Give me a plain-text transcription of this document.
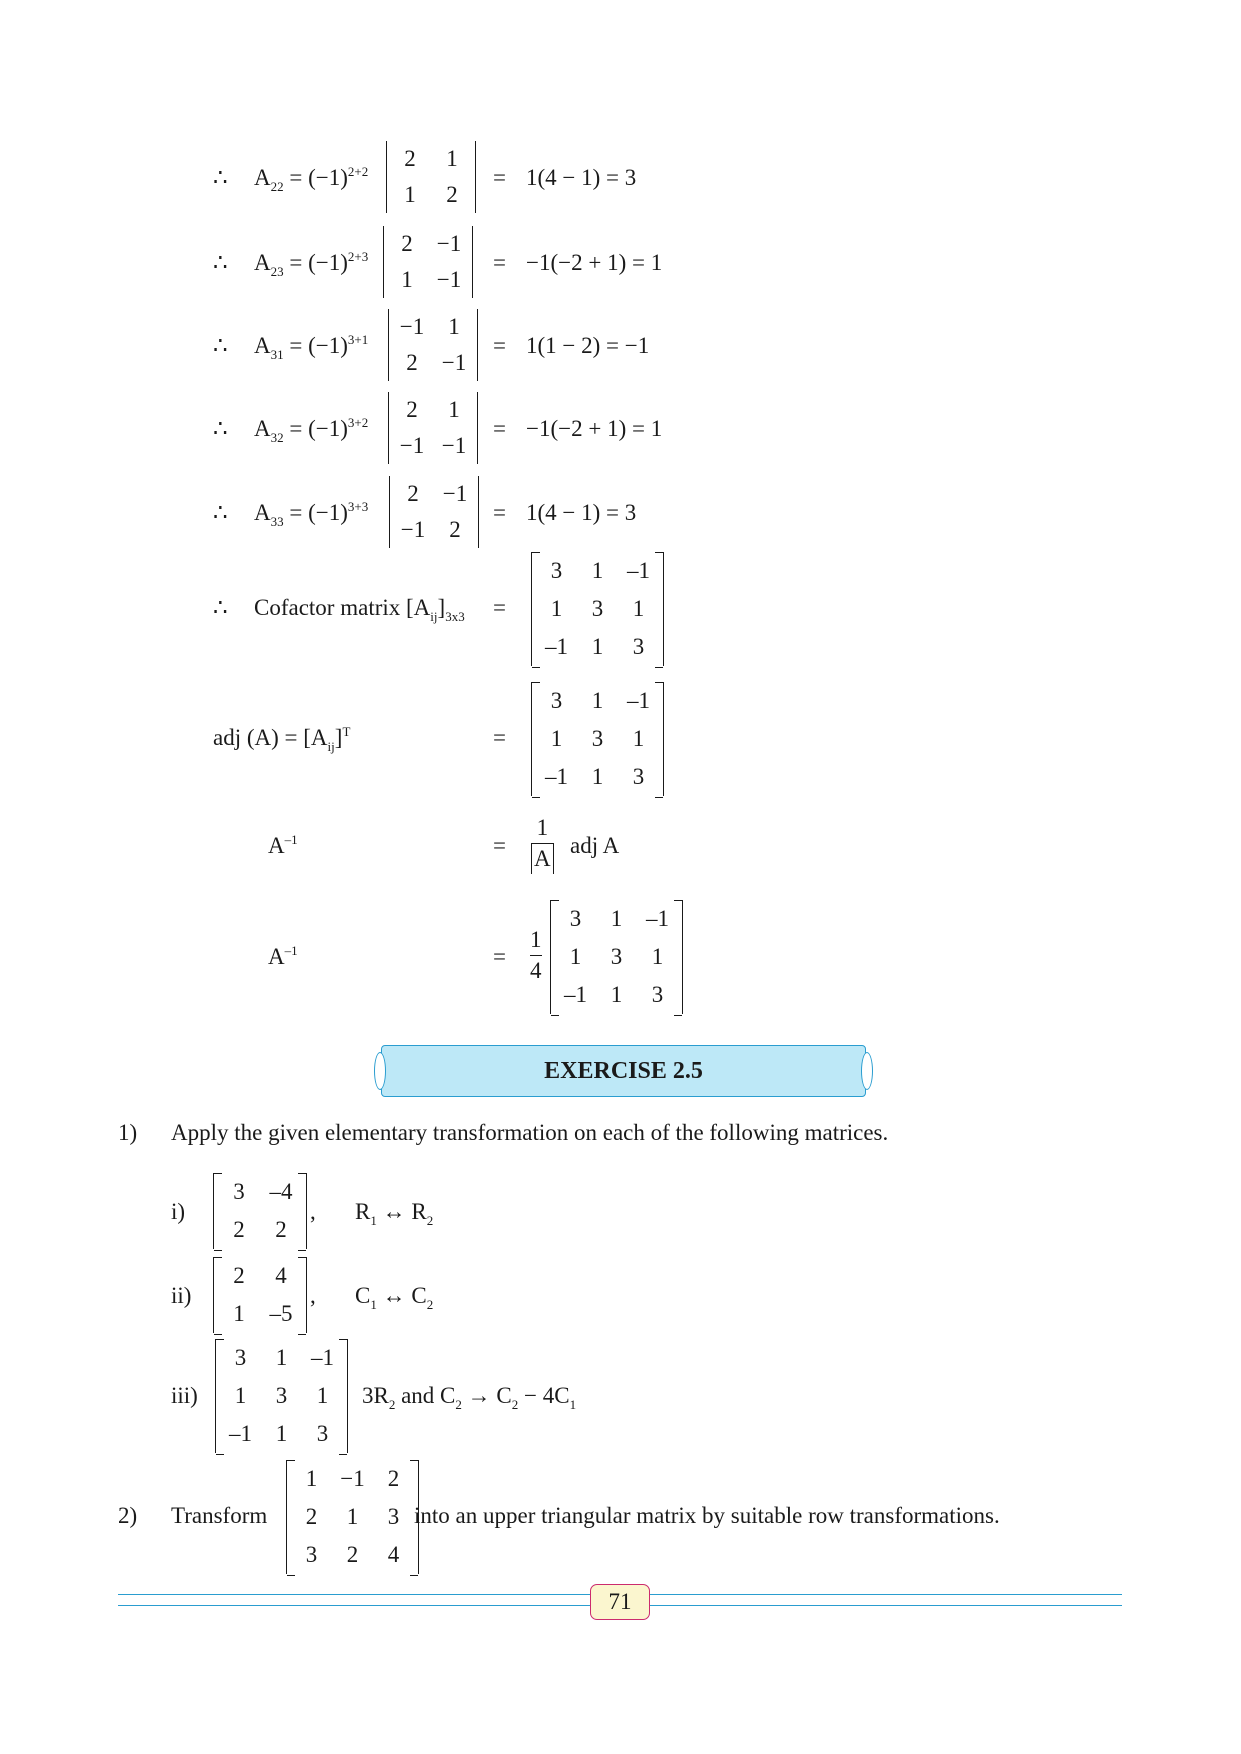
∴ $A_{22} = (-1)^{2+2}$
2	1
1	2
= 1(4 − 1) = 3
∴ $A_{23} = (-1)^{2+3}$
2	−1
1	−1
= −1(−2 + 1) = 1
∴ $A_{31} = (-1)^{3+1}$
−1	1
2	−1
= 1(1 − 2) = −1
∴ $A_{32} = (-1)^{3+2}$
2	1
−1 −1
= −1(−2 + 1) = 1
∴ $A_{33} = (-1)^{3+3}$
2	−1
−1	2
= 1(4 − 1) = 3
∴ Cofactor matrix $[A_{ij}]_{3x3}$ =
3	1	–1
1	3	1
–1	1	3
adj $(A) = [A_{ij}]^T$	=
3	1	–1
1	3	1
–1	1	3
$A^{-1}$	=
1
A
adj A
$A^{-1}$	=
1
4
3	1	–1
1	3	1
–1	1	3
EXERCISE 2.5
1) Apply the given elementary transformation on each of the following matrices.
i)
3	–4
2	2
, $R_1$ ↔ $R_2$
ii)
2	4
1	–5
, $C_1$ ↔ $C_2$
iii)
3	1	–1
1	3	1
–1	1	3
$3R_2$ and $C_2 \to C_2 - 4C_1$
2) Transform
1	−1	2
2	1	3
3	2	4
into an upper triangular matrix by suitable row transformations.
71
